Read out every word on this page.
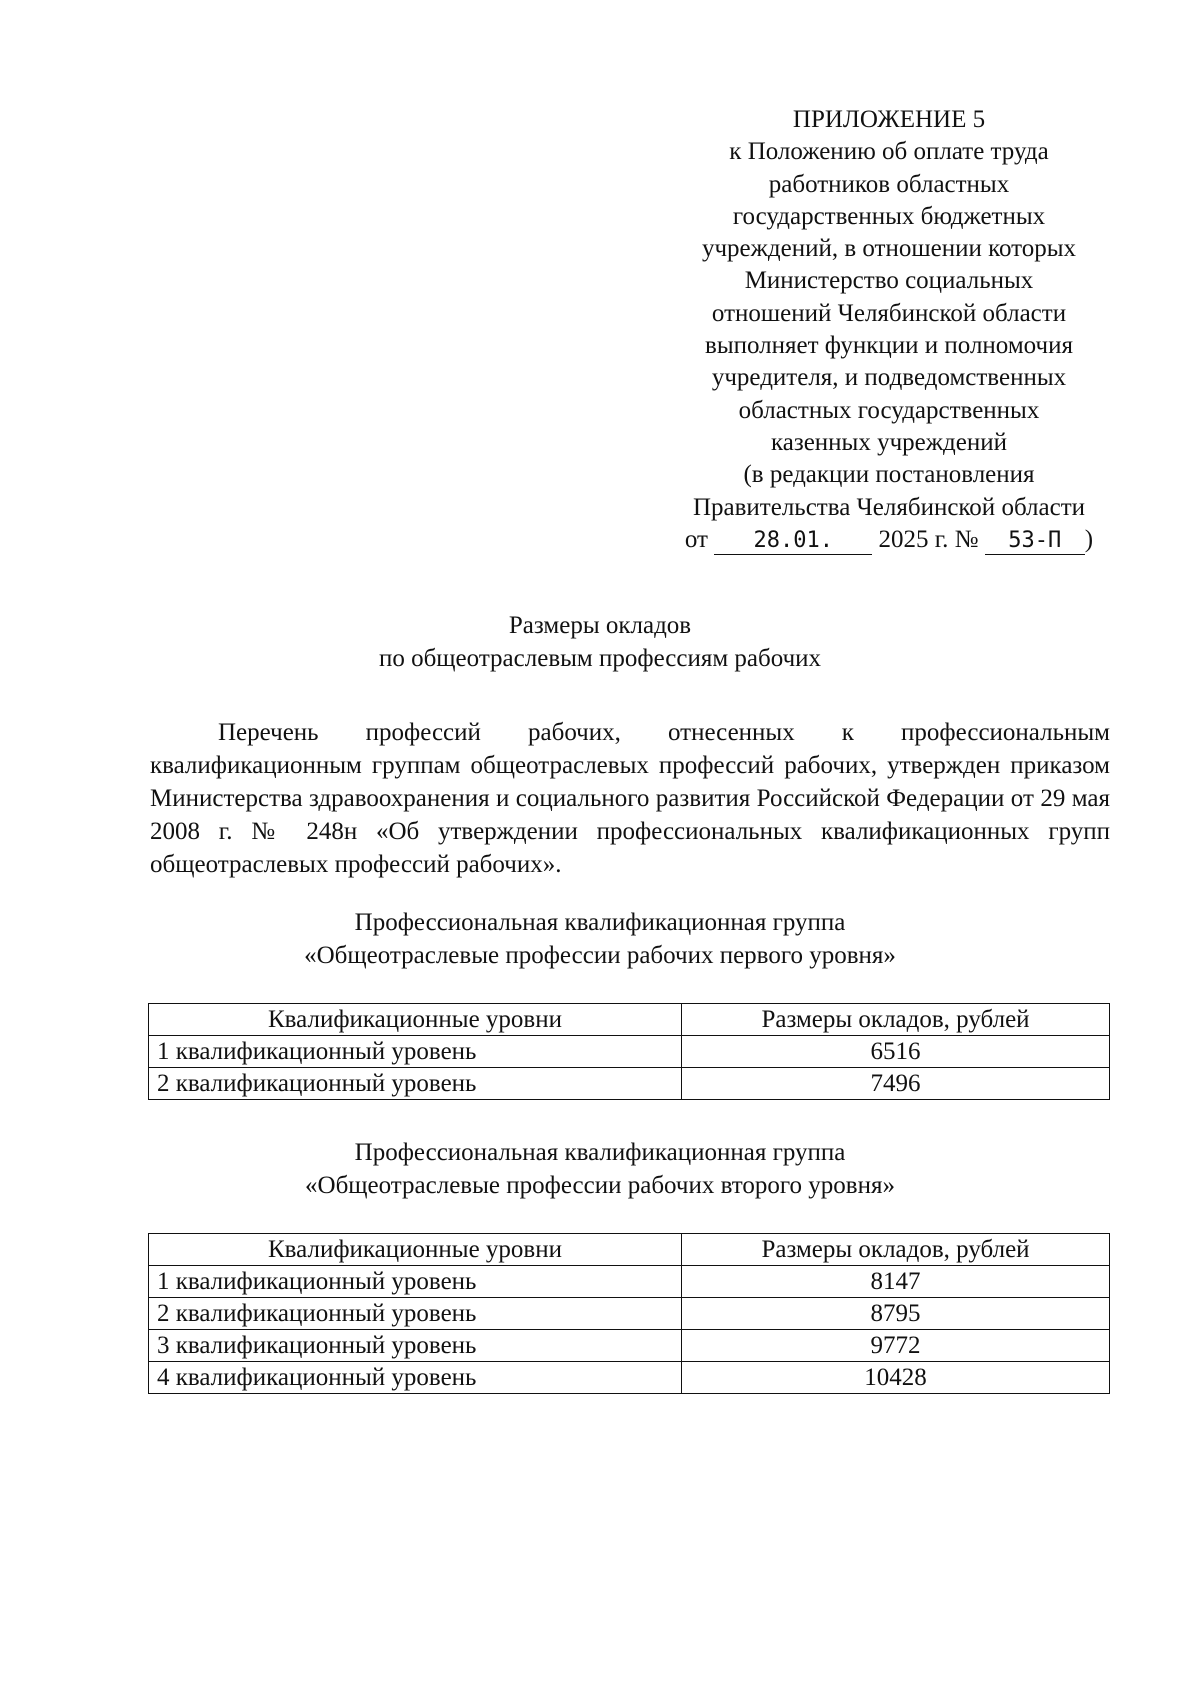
ПРИЛОЖЕНИЕ 5
к Положению об оплате труда
работников областных
государственных бюджетных
учреждений, в отношении которых
Министерство социальных
отношений Челябинской области
выполняет функции и полномочия
учредителя, и подведомственных
областных государственных
казенных учреждений
(в редакции постановления
Правительства Челябинской области
от 28.01. 2025 г. № 53-П )
Размеры окладов
по общеотраслевым профессиям рабочих

Перечень профессий рабочих, отнесенных к профессиональным квалификационным группам общеотраслевых профессий рабочих, утвержден приказом Министерства здравоохранения и социального развития Российской Федерации от 29 мая 2008 г. № 248н «Об утверждении профессиональных квалификационных групп общеотраслевых профессий рабочих».

Профессиональная квалификационная группа
«Общеотраслевые профессии рабочих первого уровня»
Квалификационные уровни	Размеры окладов, рублей
1 квалификационный уровень	6516
2 квалификационный уровень	7496
Профессиональная квалификационная группа
«Общеотраслевые профессии рабочих второго уровня»
Квалификационные уровни	Размеры окладов, рублей
1 квалификационный уровень	8147
2 квалификационный уровень	8795
3 квалификационный уровень	9772
4 квалификационный уровень	10428
